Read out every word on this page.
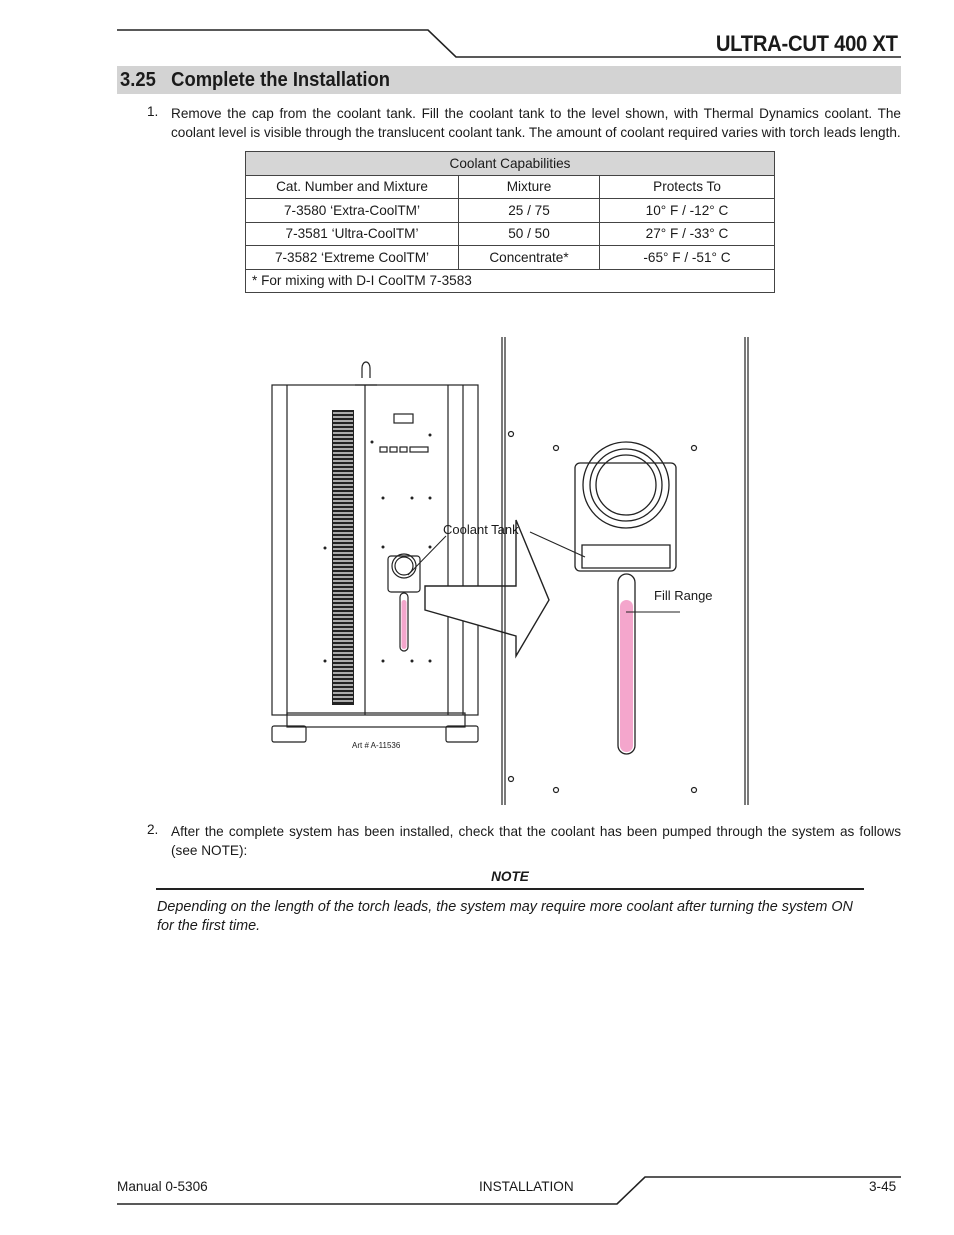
ULTRA-CUT 400 XT
3.25 Complete the Installation
1. Remove the cap from the coolant tank. Fill the coolant tank to the level shown, with Thermal Dynamics coolant. The coolant level is visible through the translucent coolant tank. The amount of coolant required varies with torch leads length.
Coolant Capabilities		
Cat. Number and Mixture	Mixture	Protects To
7-3580 ‘Extra-CoolTM’	25 / 75	10° F / -12° C
7-3581 ‘Ultra-CoolTM’	50 / 50	27° F / -33° C
7-3582 ‘Extreme CoolTM’	Concentrate*	-65° F / -51° C
* For mixing with D-I CoolTM 7-3583		
Coolant Tank
Fill Range
Art # A-11536
2. After the complete system has been installed, check that the coolant has been pumped through the system as follows (see NOTE):
NOTE
Depending on the length of the torch leads, the system may require more coolant after turning the system ON for the first time.
Manual 0-5306	INSTALLATION	3-45
